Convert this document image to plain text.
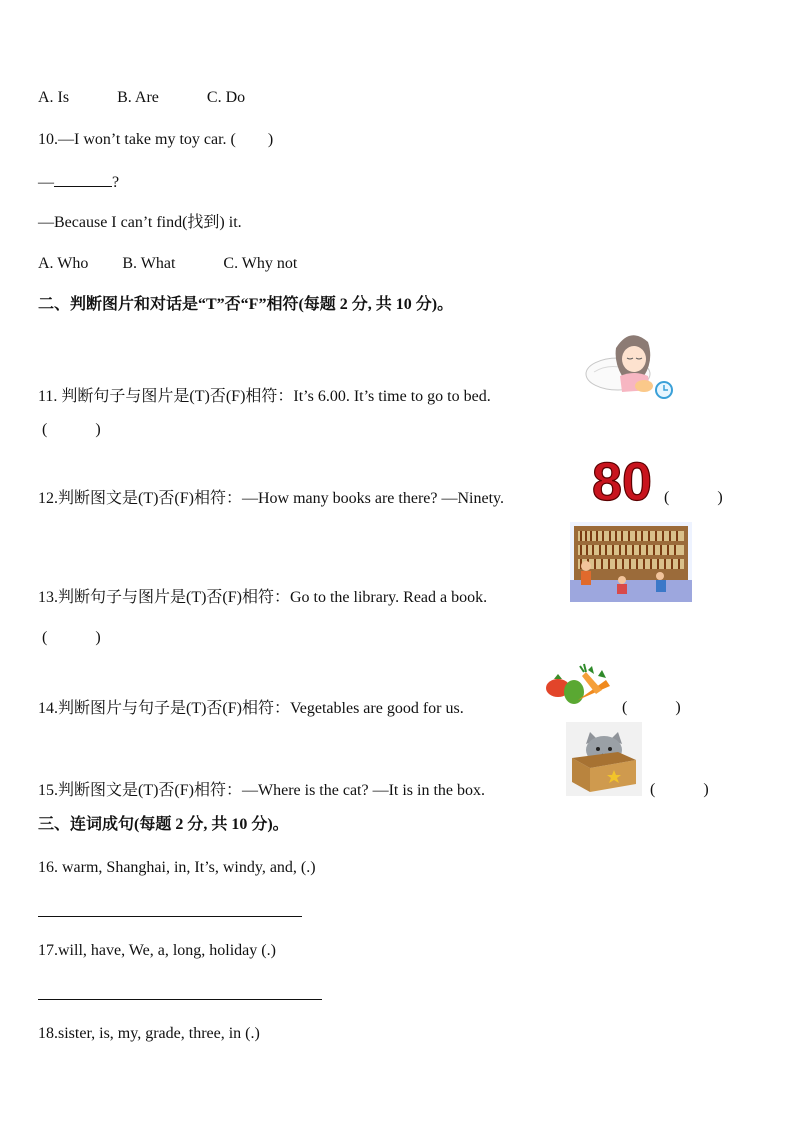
A. Is	B. Are	C. Do
10.—I won’t take my toy car. (  )
—	?
—Because I can’t find(找到) it.
A. Who B. What	C. Why not
二、判断图片和对话是“T”否“F”相符(每题 2 分, 共 10 分)。
11. 判断句子与图片是(T)否(F)相符：It’s 6.00. It’s time to go to bed.
(　　　)
80
12.判断图文是(T)否(F)相符：—How many books are there? —Ninety.	(　　　)
13.判断句子与图片是(T)否(F)相符：Go to the library. Read a book.
(　　　)
14.判断图片与句子是(T)否(F)相符：Vegetables are good for us.	(　　　)
15.判断图文是(T)否(F)相符：—Where is the cat? —It is in the box.	(　　　)
三、连词成句(每题 2 分, 共 10 分)。
16. warm, Shanghai, in, It’s, windy, and, (.)
17.will, have, We, a, long, holiday (.)
18.sister, is, my, grade, three, in (.)
